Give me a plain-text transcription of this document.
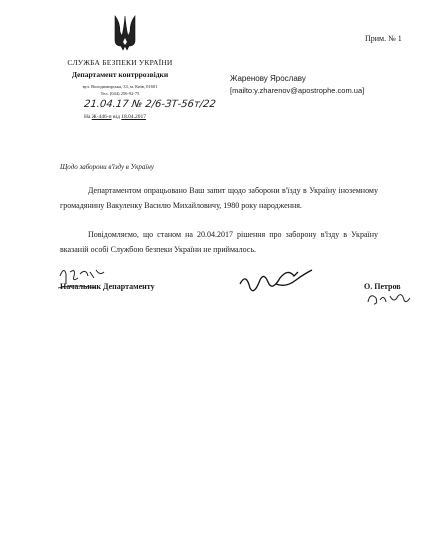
СЛУЖБА БЕЗПЕКИ УКРАЇНИ
Департамент контррозвідки
вул. Володимирська, 33, м. Київ, 01601
Тел. (044) 256-92-75
21.04.17 № 2/6-ЗТ-56т/22
На Ж-446-п від 18.04.2017
Прим. № 1
Жаренову Ярославу
[mailto:y.zharenov@apostrophe.com.ua]
Щодо заборони в'їзду в Україну
Департаментом опрацьовано Ваш запит щодо заборони в'їзду в Україну іноземному громадянину Вакуленку Василю Михайловичу, 1980 року народження.
Повідомляємо, що станом на 20.04.2017 рішення про заборону в'їзду в Україну вказаній особі Службою безпеки України не приймалось.
Начальник Департаменту	О. Петров
